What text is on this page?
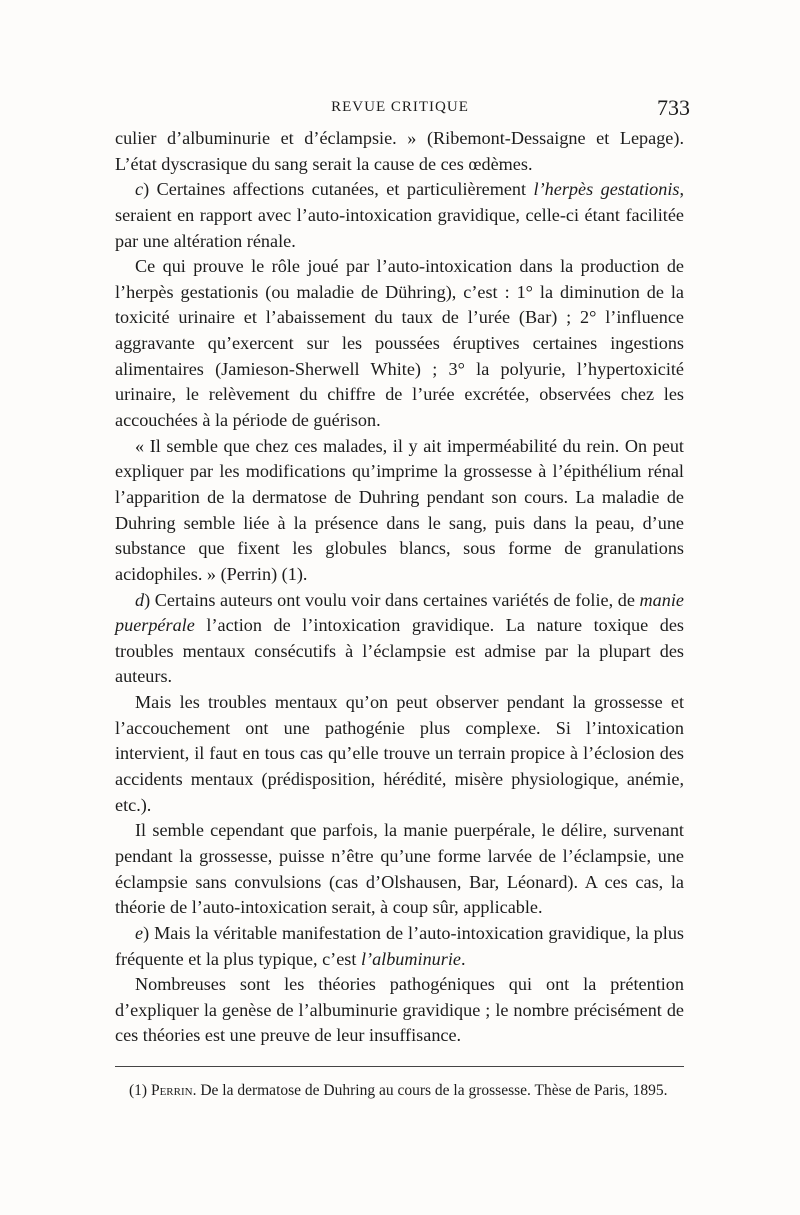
REVUE CRITIQUE	733

culier d’albuminurie et d’éclampsie. » (Ribemont-Dessaigne et Lepage). L’état dyscrasique du sang serait la cause de ces œdèmes.

c) Certaines affections cutanées, et particulièrement l’herpès gestationis, seraient en rapport avec l’auto-intoxication gravidique, celle-ci étant facilitée par une altération rénale.

Ce qui prouve le rôle joué par l’auto-intoxication dans la production de l’herpès gestationis (ou maladie de Dühring), c’est : 1° la diminution de la toxicité urinaire et l’abaissement du taux de l’urée (Bar) ; 2° l’influence aggravante qu’exercent sur les poussées éruptives certaines ingestions alimentaires (Jamieson-Sherwell White) ; 3° la polyurie, l’hypertoxicité urinaire, le relèvement du chiffre de l’urée excrétée, observées chez les accouchées à la période de guérison.

« Il semble que chez ces malades, il y ait imperméabilité du rein. On peut expliquer par les modifications qu’imprime la grossesse à l’épithélium rénal l’apparition de la dermatose de Duhring pendant son cours. La maladie de Duhring semble liée à la présence dans le sang, puis dans la peau, d’une substance que fixent les globules blancs, sous forme de granulations acidophiles. » (Perrin) (1).

d) Certains auteurs ont voulu voir dans certaines variétés de folie, de manie puerpérale l’action de l’intoxication gravidique. La nature toxique des troubles mentaux consécutifs à l’éclampsie est admise par la plupart des auteurs.

Mais les troubles mentaux qu’on peut observer pendant la grossesse et l’accouchement ont une pathogénie plus complexe. Si l’intoxication intervient, il faut en tous cas qu’elle trouve un terrain propice à l’éclosion des accidents mentaux (prédisposition, hérédité, misère physiologique, anémie, etc.).

Il semble cependant que parfois, la manie puerpérale, le délire, survenant pendant la grossesse, puisse n’être qu’une forme larvée de l’éclampsie, une éclampsie sans convulsions (cas d’Olshausen, Bar, Léonard). A ces cas, la théorie de l’auto-intoxication serait, à coup sûr, applicable.

e) Mais la véritable manifestation de l’auto-intoxication gravidique, la plus fréquente et la plus typique, c’est l’albuminurie.

Nombreuses sont les théories pathogéniques qui ont la prétention d’expliquer la genèse de l’albuminurie gravidique ; le nombre précisément de ces théories est une preuve de leur insuffisance.

(1) Perrin. De la dermatose de Duhring au cours de la grossesse. Thèse de Paris, 1895.
